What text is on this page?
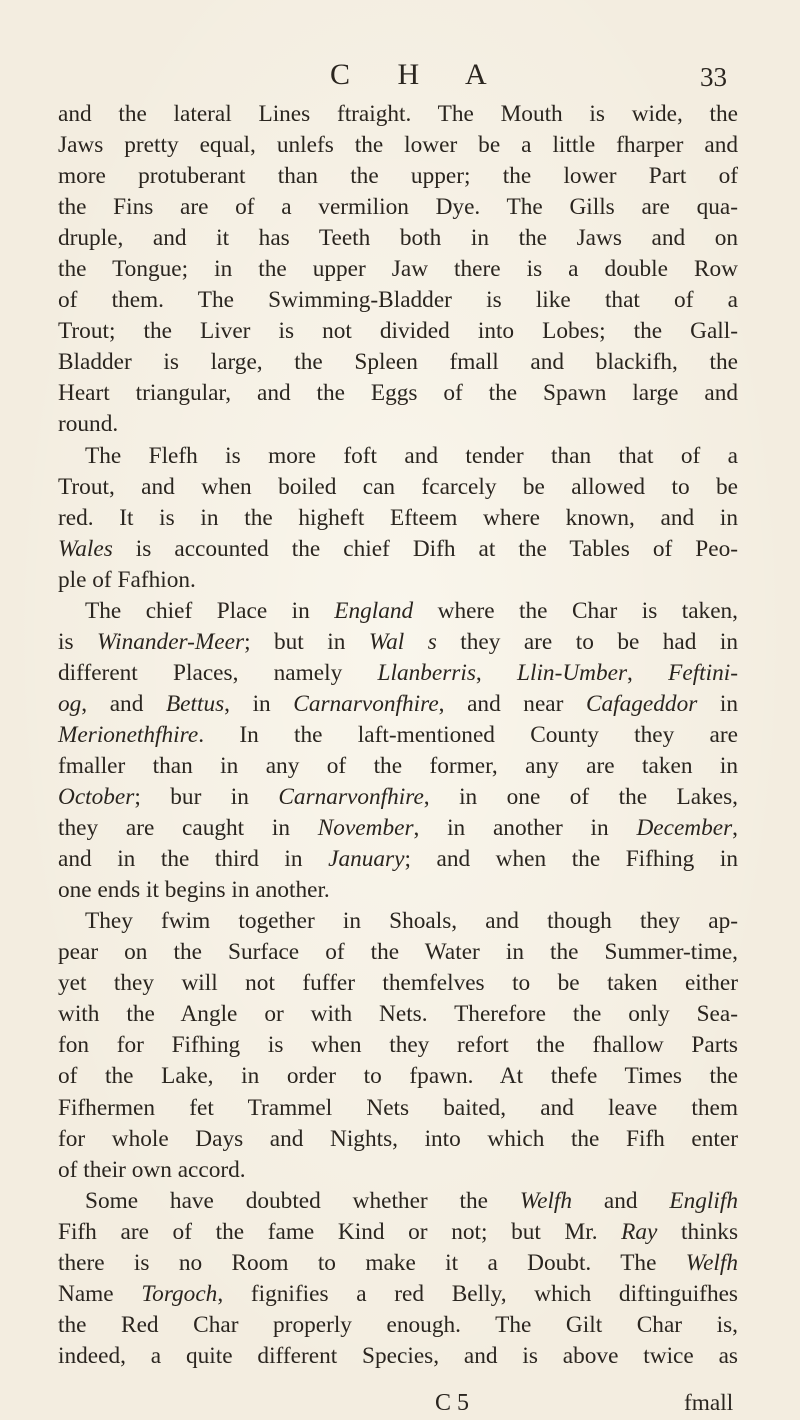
C H A	33
and the lateral Lines ftraight. The Mouth is wide, the
Jaws pretty equal, unlefs the lower be a little fharper and
more protuberant than the upper; the lower Part of
the Fins are of a vermilion Dye. The Gills are qua-
druple, and it has Teeth both in the Jaws and on
the Tongue; in the upper Jaw there is a double Row
of them. The Swimming-Bladder is like that of a
Trout; the Liver is not divided into Lobes; the Gall-
Bladder is large, the Spleen fmall and blackifh, the
Heart triangular, and the Eggs of the Spawn large and
round.
The Flefh is more foft and tender than that of a
Trout, and when boiled can fcarcely be allowed to be
red. It is in the higheft Efteem where known, and in
Wales is accounted the chief Difh at the Tables of Peo-
ple of Fafhion.
The chief Place in England where the Char is taken,
is Winander-Meer; but in Wal s they are to be had in
different Places, namely Llanberris, Llin-Umber, Feftini-
og, and Bettus, in Carnarvonfhire, and near Cafageddor in
Merionethfhire. In the laft-mentioned County they are
fmaller than in any of the former, any are taken in
October; bur in Carnarvonfhire, in one of the Lakes,
they are caught in November, in another in December,
and in the third in January; and when the Fifhing in
one ends it begins in another.
They fwim together in Shoals, and though they ap-
pear on the Surface of the Water in the Summer-time,
yet they will not fuffer themfelves to be taken either
with the Angle or with Nets. Therefore the only Sea-
fon for Fifhing is when they refort the fhallow Parts
of the Lake, in order to fpawn. At thefe Times the
Fifhermen fet Trammel Nets baited, and leave them
for whole Days and Nights, into which the Fifh enter
of their own accord.
Some have doubted whether the Welfh and Englifh
Fifh are of the fame Kind or not; but Mr. Ray thinks
there is no Room to make it a Doubt. The Welfh
Name Torgoch, fignifies a red Belly, which diftinguifhes
the Red Char properly enough. The Gilt Char is,
indeed, a quite different Species, and is above twice as
C 5	fmall
